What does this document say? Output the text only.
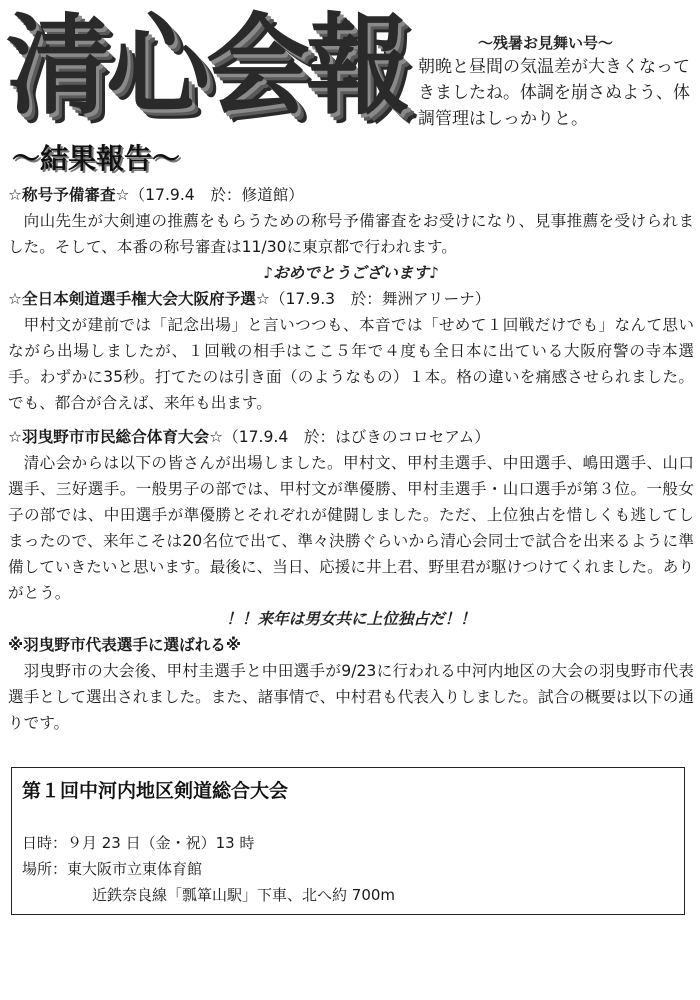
清心会報	～残暑お見舞い号～
朝晩と昼間の気温差が大きくなってきましたね。体調を崩さぬよう、体調管理はしっかりと。
～結果報告～
☆称号予備審査☆（17.9.4　於：修道館）
向山先生が大剣連の推薦をもらうための称号予備審査をお受けになり、見事推薦を受けられました。そして、本番の称号審査は11/30に東京都で行われます。
♪おめでとうございます♪
☆全日本剣道選手権大会大阪府予選☆（17.9.3　於：舞洲アリーナ）
甲村文が建前では「記念出場」と言いつつも、本音では「せめて１回戦だけでも」なんて思いながら出場しましたが、１回戦の相手はここ５年で４度も全日本に出ている大阪府警の寺本選手。わずかに35秒。打てたのは引き面（のようなもの）１本。格の違いを痛感させられました。でも、都合が合えば、来年も出ます。
☆羽曳野市市民総合体育大会☆（17.9.4　於：はびきのコロセアム）
清心会からは以下の皆さんが出場しました。甲村文、甲村圭選手、中田選手、嶋田選手、山口選手、三好選手。一般男子の部では、甲村文が準優勝、甲村圭選手・山口選手が第３位。一般女子の部では、中田選手が準優勝とそれぞれが健闘しました。ただ、上位独占を惜しくも逃してしまったので、来年こそは20名位で出て、準々決勝ぐらいから清心会同士で試合を出来るように準備していきたいと思います。最後に、当日、応援に井上君、野里君が駆けつけてくれました。ありがとう。
！！来年は男女共に上位独占だ！！
※羽曳野市代表選手に選ばれる※
羽曳野市の大会後、甲村圭選手と中田選手が9/23に行われる中河内地区の大会の羽曳野市代表選手として選出されました。また、諸事情で、中村君も代表入りしました。試合の概要は以下の通りです。
第１回中河内地区剣道総合大会
日時：９月 23 日（金・祝）13 時
場所：東大阪市立東体育館
近鉄奈良線「瓢箪山駅」下車、北へ約 700m
